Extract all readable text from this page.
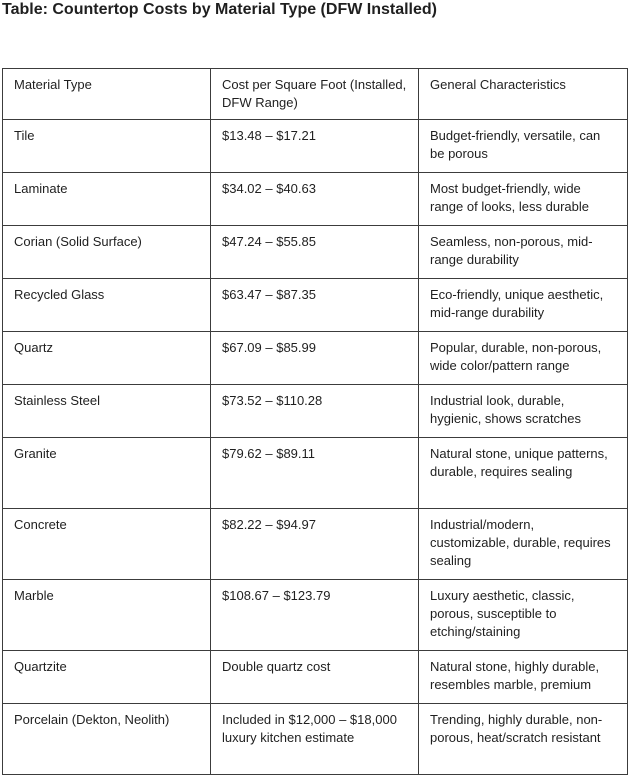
Table: Countertop Costs by Material Type (DFW Installed)
Material Type	Cost per Square Foot (Installed, DFW Range)	General Characteristics
Tile	$13.48 – $17.21	Budget-friendly, versatile, can be porous
Laminate	$34.02 – $40.63	Most budget-friendly, wide range of looks, less durable
Corian (Solid Surface)	$47.24 – $55.85	Seamless, non-porous, mid-range durability
Recycled Glass	$63.47 – $87.35	Eco-friendly, unique aesthetic, mid-range durability
Quartz	$67.09 – $85.99	Popular, durable, non-porous, wide color/pattern range
Stainless Steel	$73.52 – $110.28	Industrial look, durable, hygienic, shows scratches
Granite	$79.62 – $89.11	Natural stone, unique patterns, durable, requires sealing
Concrete	$82.22 – $94.97	Industrial/modern, customizable, durable, requires sealing
Marble	$108.67 – $123.79	Luxury aesthetic, classic, porous, susceptible to etching/staining
Quartzite	Double quartz cost	Natural stone, highly durable, resembles marble, premium
Porcelain (Dekton, Neolith)	Included in $12,000 – $18,000 luxury kitchen estimate	Trending, highly durable, non-porous, heat/scratch resistant
